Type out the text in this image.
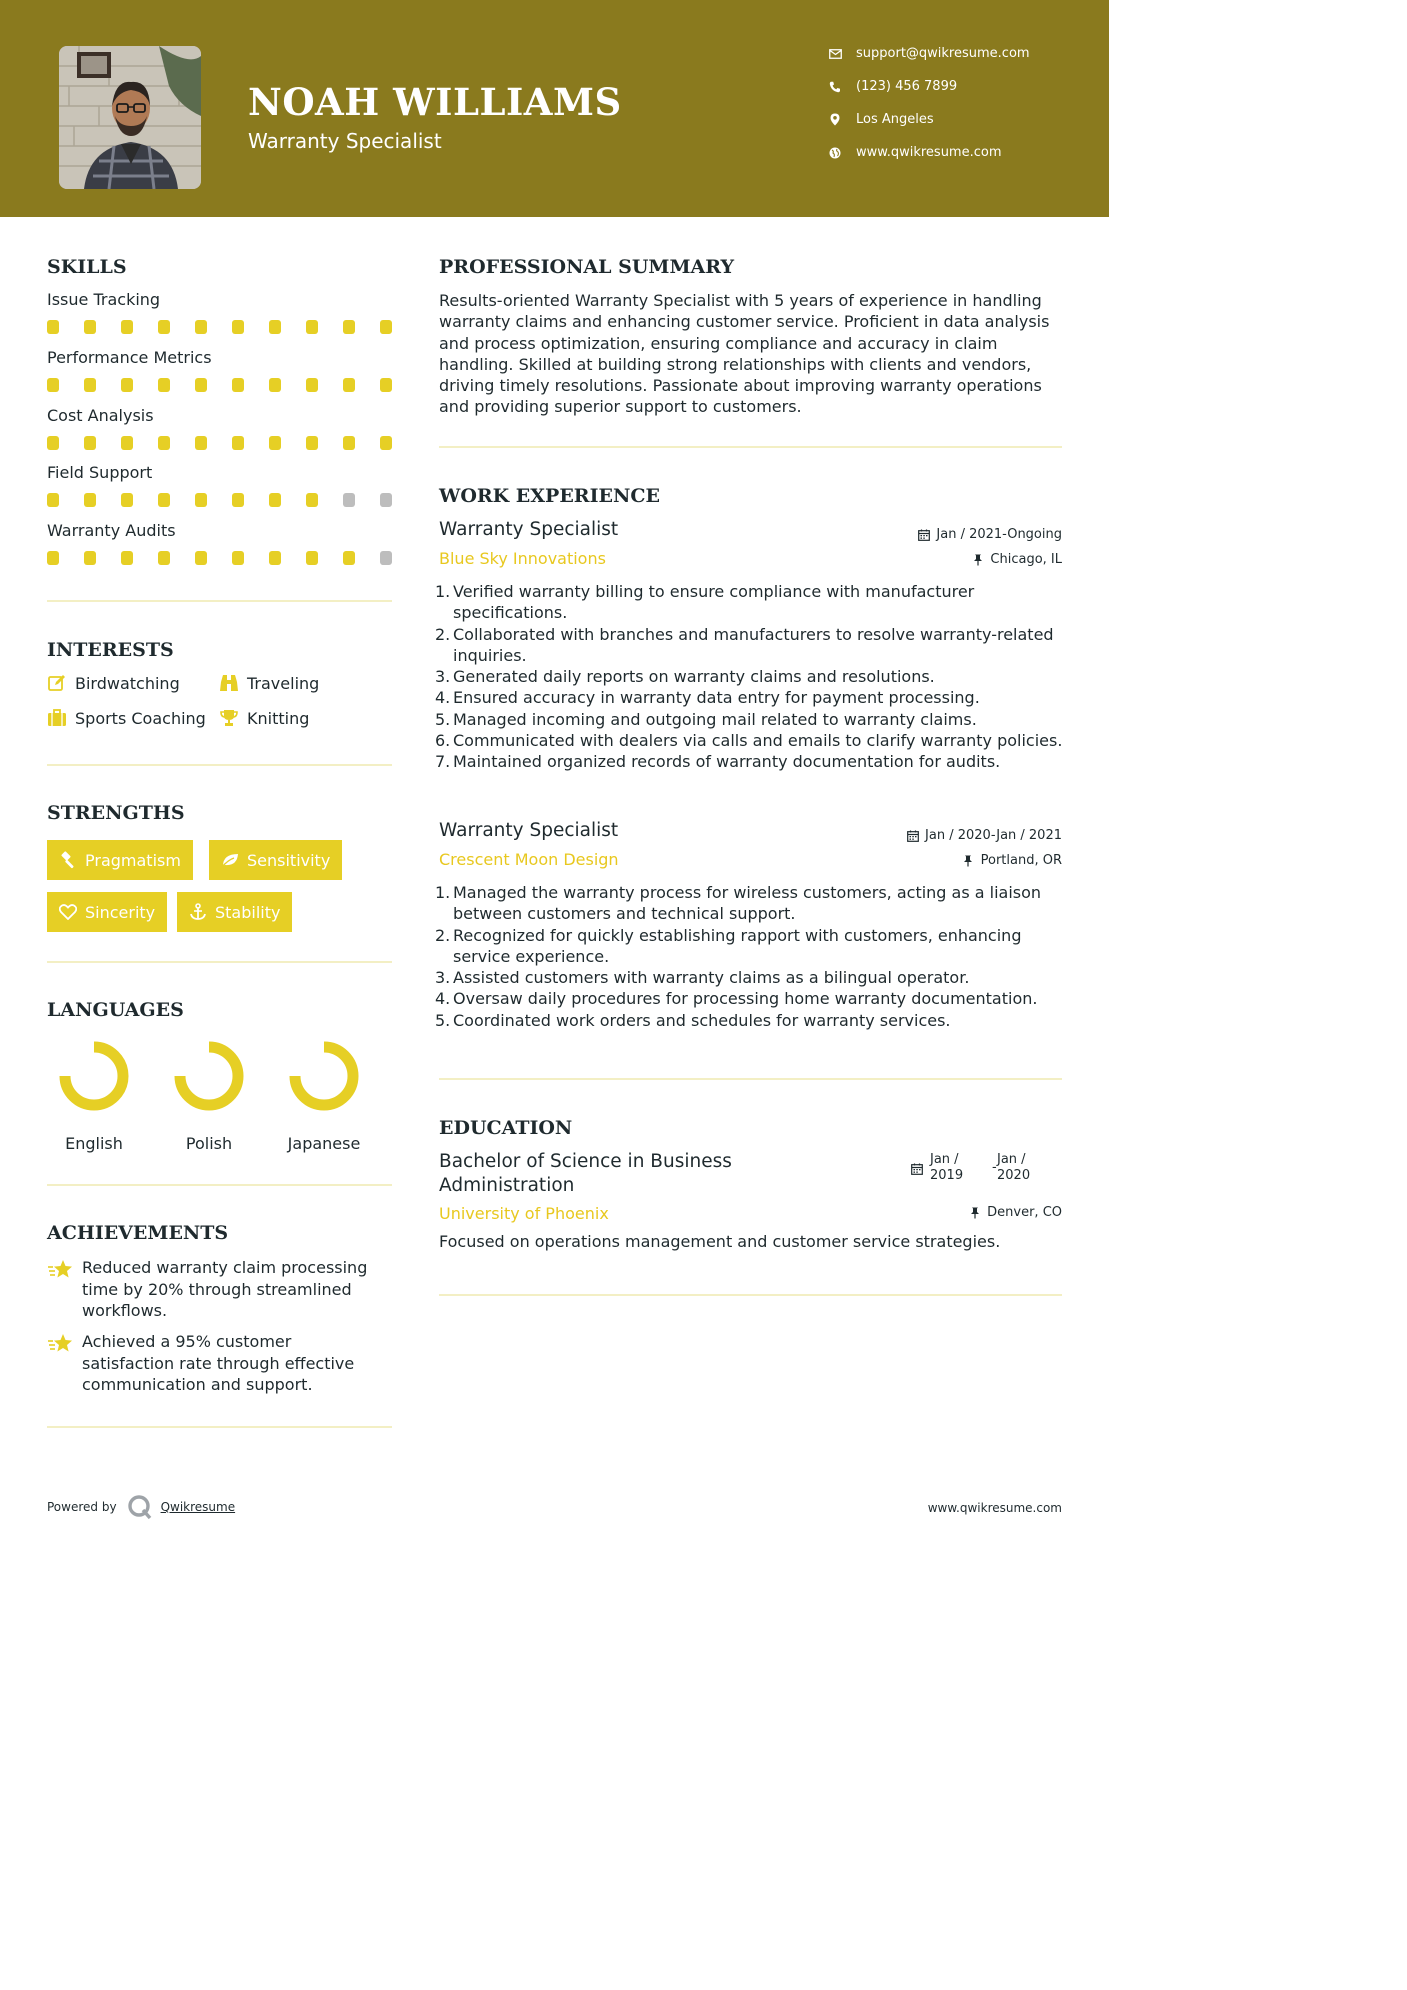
NOAH WILLIAMS
Warranty Specialist
support@qwikresume.com
(123) 456 7899
Los Angeles
www.qwikresume.com
SKILLS
Issue Tracking
Performance Metrics
Cost Analysis
Field Support
Warranty Audits
INTERESTS
Birdwatching	Traveling
Sports Coaching	Knitting
STRENGTHS
Pragmatism	Sensitivity
Sincerity	Stability
LANGUAGES
English	Polish	Japanese
ACHIEVEMENTS
Reduced warranty claim processing time by 20% through streamlined workflows.
Achieved a 95% customer satisfaction rate through effective communication and support.
PROFESSIONAL SUMMARY
Results-oriented Warranty Specialist with 5 years of experience in handling warranty claims and enhancing customer service. Proficient in data analysis and process optimization, ensuring compliance and accuracy in claim handling. Skilled at building strong relationships with clients and vendors, driving timely resolutions. Passionate about improving warranty operations and providing superior support to customers.
WORK EXPERIENCE
Warranty Specialist	Jan / 2021-Ongoing
Blue Sky Innovations	Chicago, IL
1. Verified warranty billing to ensure compliance with manufacturer specifications.
2. Collaborated with branches and manufacturers to resolve warranty-related inquiries.
3. Generated daily reports on warranty claims and resolutions.
4. Ensured accuracy in warranty data entry for payment processing.
5. Managed incoming and outgoing mail related to warranty claims.
6. Communicated with dealers via calls and emails to clarify warranty policies.
7. Maintained organized records of warranty documentation for audits.
Warranty Specialist	Jan / 2020-Jan / 2021
Crescent Moon Design	Portland, OR
1. Managed the warranty process for wireless customers, acting as a liaison between customers and technical support.
2. Recognized for quickly establishing rapport with customers, enhancing service experience.
3. Assisted customers with warranty claims as a bilingual operator.
4. Oversaw daily procedures for processing home warranty documentation.
5. Coordinated work orders and schedules for warranty services.
EDUCATION
Bachelor of Science in Business Administration
Jan / 2019
-
Jan / 2020
University of Phoenix	Denver, CO
Focused on operations management and customer service strategies.
Powered by	Qwikresume	www.qwikresume.com
